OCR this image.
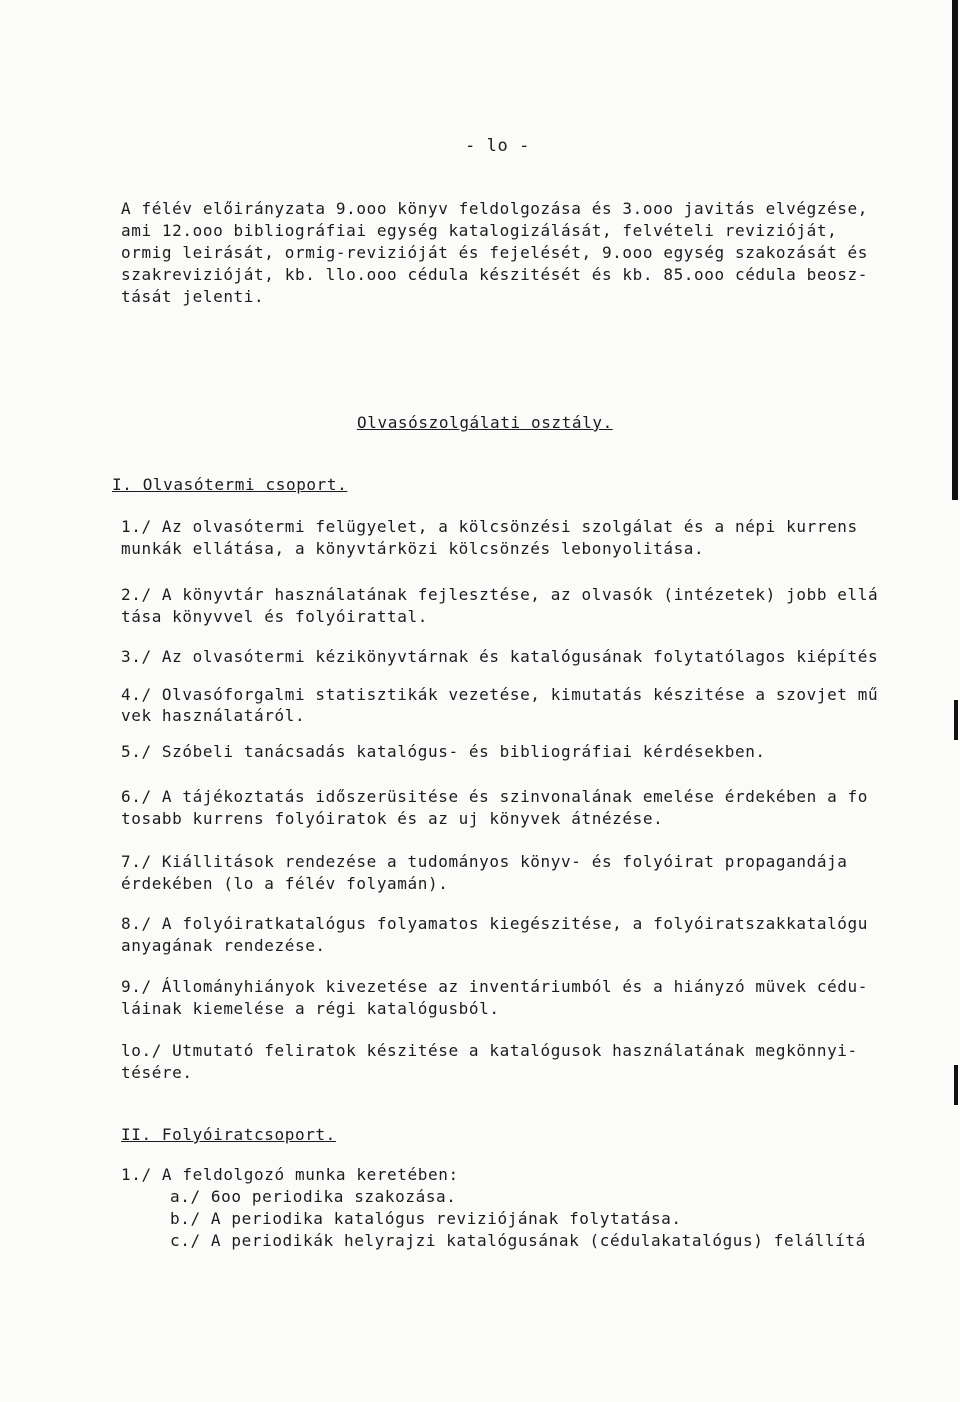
- lo -
A félév előirányzata 9.ooo könyv feldolgozása és 3.ooo javitás elvégzése,
ami 12.ooo bibliográfiai egység katalogizálását, felvételi revizióját,
ormig leirását, ormig-revizióját és fejelését, 9.ooo egység szakozását és
szakrevizióját, kb. llo.ooo cédula készitését és kb. 85.ooo cédula beosz-
tását jelenti.
Olvasószolgálati osztály.
I. Olvasótermi csoport.
1./ Az olvasótermi felügyelet, a kölcsönzési szolgálat és a népi kurrens
munkák ellátása, a könyvtárközi kölcsönzés lebonyolitása.
2./ A könyvtár használatának fejlesztése, az olvasók (intézetek) jobb ellá
tása könyvvel és folyóirattal.
3./ Az olvasótermi kézikönyvtárnak és katalógusának folytatólagos kiépítés
4./ Olvasóforgalmi statisztikák vezetése, kimutatás készitése a szovjet mű
vek használatáról.
5./ Szóbeli tanácsadás katalógus- és bibliográfiai kérdésekben.
6./ A tájékoztatás időszerüsitése és szinvonalának emelése érdekében a fo
tosabb kurrens folyóiratok és az uj könyvek átnézése.
7./ Kiállitások rendezése a tudományos könyv- és folyóirat propagandája
érdekében (lo a félév folyamán).
8./ A folyóiratkatalógus folyamatos kiegészitése, a folyóiratszakkatalógu
anyagának rendezése.
9./ Állományhiányok kivezetése az inventáriumból és a hiányzó müvek cédu-
láinak kiemelése a régi katalógusból.
lo./ Utmutató feliratok készitése a katalógusok használatának megkönnyi-
tésére.
II. Folyóiratcsoport.
1./ A feldolgozó munka keretében:
a./ 6oo periodika szakozása.
b./ A periodika katalógus reviziójának folytatása.
c./ A periodikák helyrajzi katalógusának (cédulakatalógus) felállítá
